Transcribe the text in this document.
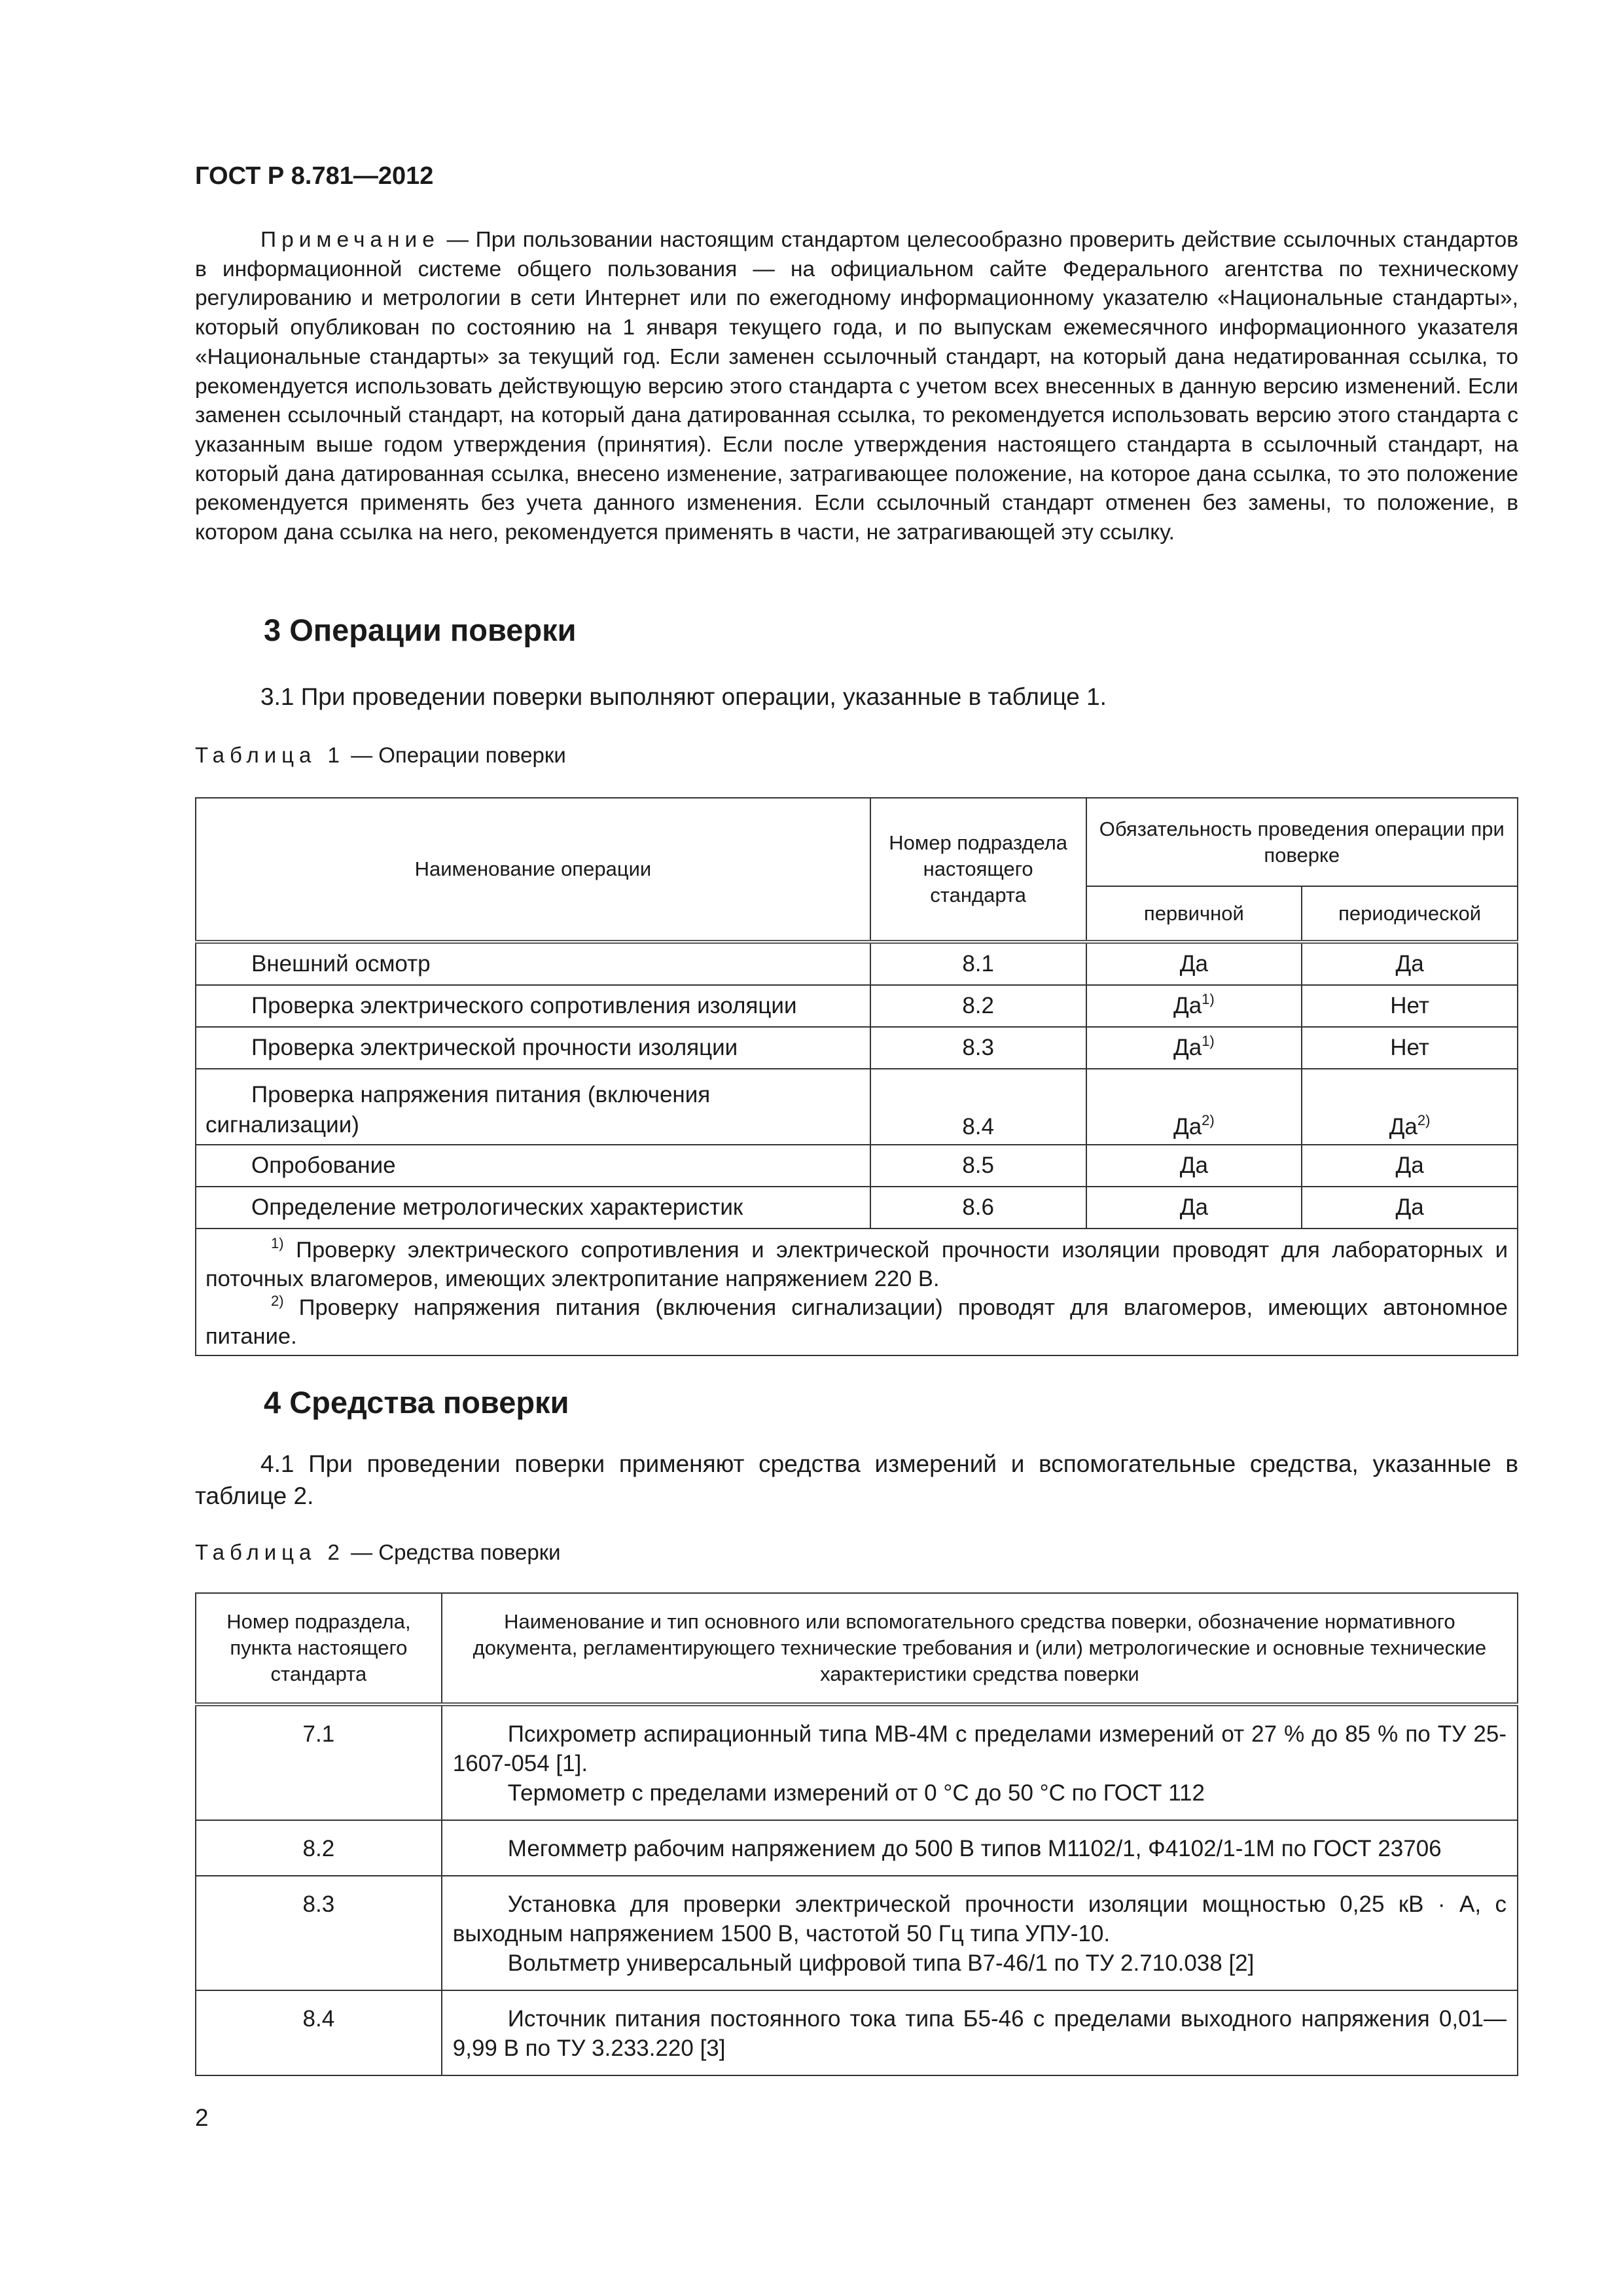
ГОСТ Р 8.781—2012

Примечание — При пользовании настоящим стандартом целесообразно проверить действие ссылочных стандартов в информационной системе общего пользования — на официальном сайте Федерального агентства по техническому регулированию и метрологии в сети Интернет или по ежегодному информационному указателю «Национальные стандарты», который опубликован по состоянию на 1 января текущего года, и по выпускам ежемесячного информационного указателя «Национальные стандарты» за текущий год. Если заменен ссылочный стандарт, на который дана недатированная ссылка, то рекомендуется использовать действующую версию этого стандарта с учетом всех внесенных в данную версию изменений. Если заменен ссылочный стандарт, на который дана датированная ссылка, то рекомендуется использовать версию этого стандарта с указанным выше годом утверждения (принятия). Если после утверждения настоящего стандарта в ссылочный стандарт, на который дана датированная ссылка, внесено изменение, затрагивающее положение, на которое дана ссылка, то это положение рекомендуется применять без учета данного изменения. Если ссылочный стандарт отменен без замены, то положение, в котором дана ссылка на него, рекомендуется применять в части, не затрагивающей эту ссылку.

3 Операции поверки

3.1 При проведении поверки выполняют операции, указанные в таблице 1.

Таблица 1 — Операции поверки

Наименование операции	Номер подраздела настоящего стандарта	Обязательность проведения операции при поверке	
		первичной	периодической
Внешний осмотр	8.1	Да	Да
Проверка электрического сопротивления изоляции	8.2	$Да^{1)}$	Нет
Проверка электрической прочности изоляции	8.3	$Да^{1)}$	Нет
Проверка напряжения питания (включения сигнализации)	8.4	$Да^{2)}$	$Да^{2)}$
Опробование	8.5	Да	Да
Определение метрологических характеристик	8.6	Да	Да

$^{1)}$ Проверку электрического сопротивления и электрической прочности изоляции проводят для лабораторных и поточных влагомеров, имеющих электропитание напряжением 220 В.

$^{2)}$ Проверку напряжения питания (включения сигнализации) проводят для влагомеров, имеющих автономное питание.			

4 Средства поверки

4.1 При проведении поверки применяют средства измерений и вспомогательные средства, указанные в таблице 2.

Таблица 2 — Средства поверки

Номер подраздела, пункта настоящего стандарта	Наименование и тип основного или вспомогательного средства поверки, обозначение нормативного документа, регламентирующего технические требования и (или) метрологические и основные технические характеристики средства поверки
7.1	Психрометр аспирационный типа МВ-4М с пределами измерений от 27 % до 85 % по ТУ 25-1607-054 [1].

Термометр с пределами измерений от 0 °С до 50 °С по ГОСТ 112

8.2	Мегомметр рабочим напряжением до 500 В типов М1102/1, Ф4102/1-1М по ГОСТ 23706

8.3	Установка для проверки электрической прочности изоляции мощностью 0,25 кВ · А, с выходным напряжением 1500 В, частотой 50 Гц типа УПУ-10.

Вольтметр универсальный цифровой типа В7-46/1 по ТУ 2.710.038 [2]

8.4	Источник питания постоянного тока типа Б5-46 с пределами выходного напряжения 0,01—9,99 В по ТУ 3.233.220 [3]

2
